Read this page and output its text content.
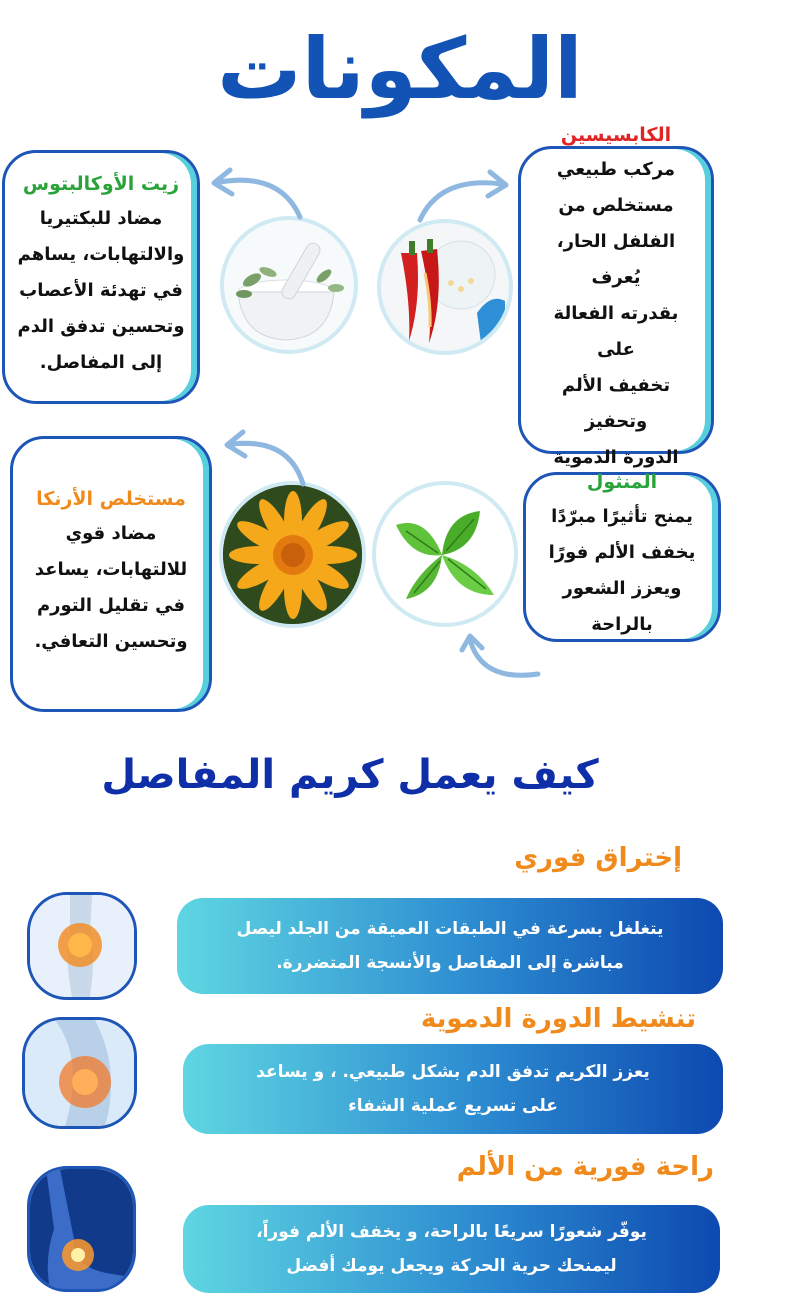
المكونات
زيت الأوكالبتوس
مضاد للبكتيريا
والالتهابات، يساهم
في تهدئة الأعصاب
وتحسين تدفق الدم
إلى المفاصل.
الكابسيسين
مركب طبيعي
مستخلص من
الفلفل الحار، يُعرف
بقدرته الفعالة على
تخفيف الألم وتحفيز
الدورة الدموية
مستخلص الأرنكا
مضاد قوي
للالتهابات، يساعد
في تقليل التورم
وتحسين التعافي.
المنثول
يمنح تأثيرًا مبرّدًا
يخفف الألم فورًا
ويعزز الشعور بالراحة
كيف يعمل كريم المفاصل
إختراق فوري
يتغلغل بسرعة في الطبقات العميقة من الجلد ليصل
مباشرة إلى المفاصل والأنسجة المتضررة.
تنشيط الدورة الدموية
يعزز الكريم تدفق الدم بشكل طبيعي. ، و يساعد
على تسريع عملية الشفاء
راحة فورية من الألم
يوفّر شعورًا سريعًا بالراحة، و يخفف الألم فوراً،
ليمنحك حرية الحركة ويجعل يومك أفضل
